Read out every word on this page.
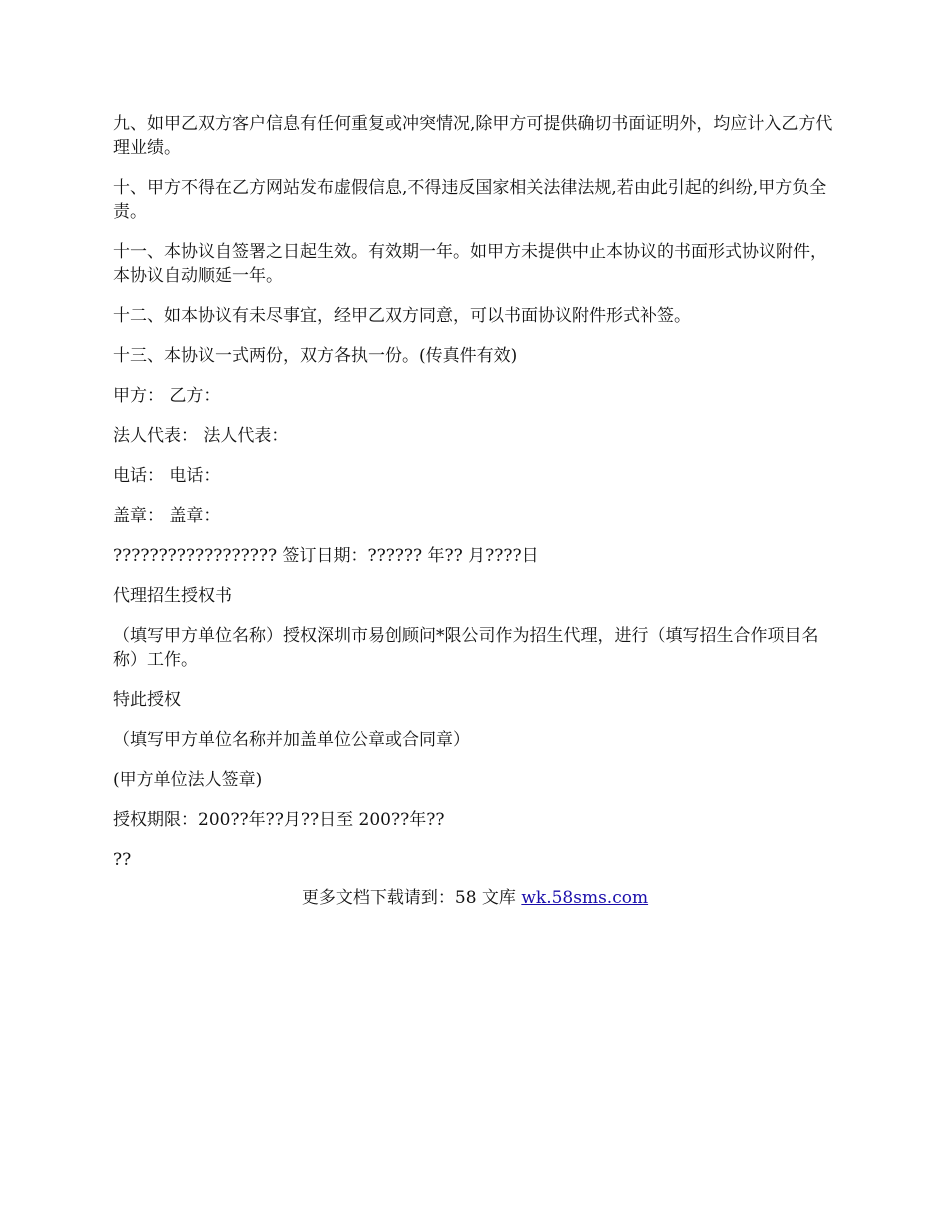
九、如甲乙双方客户信息有任何重复或冲突情况,除甲方可提供确切书面证明外，均应计入乙方代理业绩。

十、甲方不得在乙方网站发布虚假信息,不得违反国家相关法律法规,若由此引起的纠纷,甲方负全责。

十一、本协议自签署之日起生效。有效期一年。如甲方未提供中止本协议的书面形式协议附件，本协议自动顺延一年。

十二、如本协议有未尽事宜，经甲乙双方同意，可以书面协议附件形式补签。

十三、本协议一式两份，双方各执一份。(传真件有效)

甲方： 乙方：

法人代表： 法人代表：

电话： 电话：

盖章： 盖章：

?????????????????? 签订日期：?????? 年?? 月????日

代理招生授权书

（填写甲方单位名称）授权深圳市易创顾问*限公司作为招生代理，进行（填写招生合作项目名称）工作。

特此授权

（填写甲方单位名称并加盖单位公章或合同章）

(甲方单位法人签章)

授权期限：200??年??月??日至 200??年??

??

更多文档下载请到：58 文库 wk.58sms.com
